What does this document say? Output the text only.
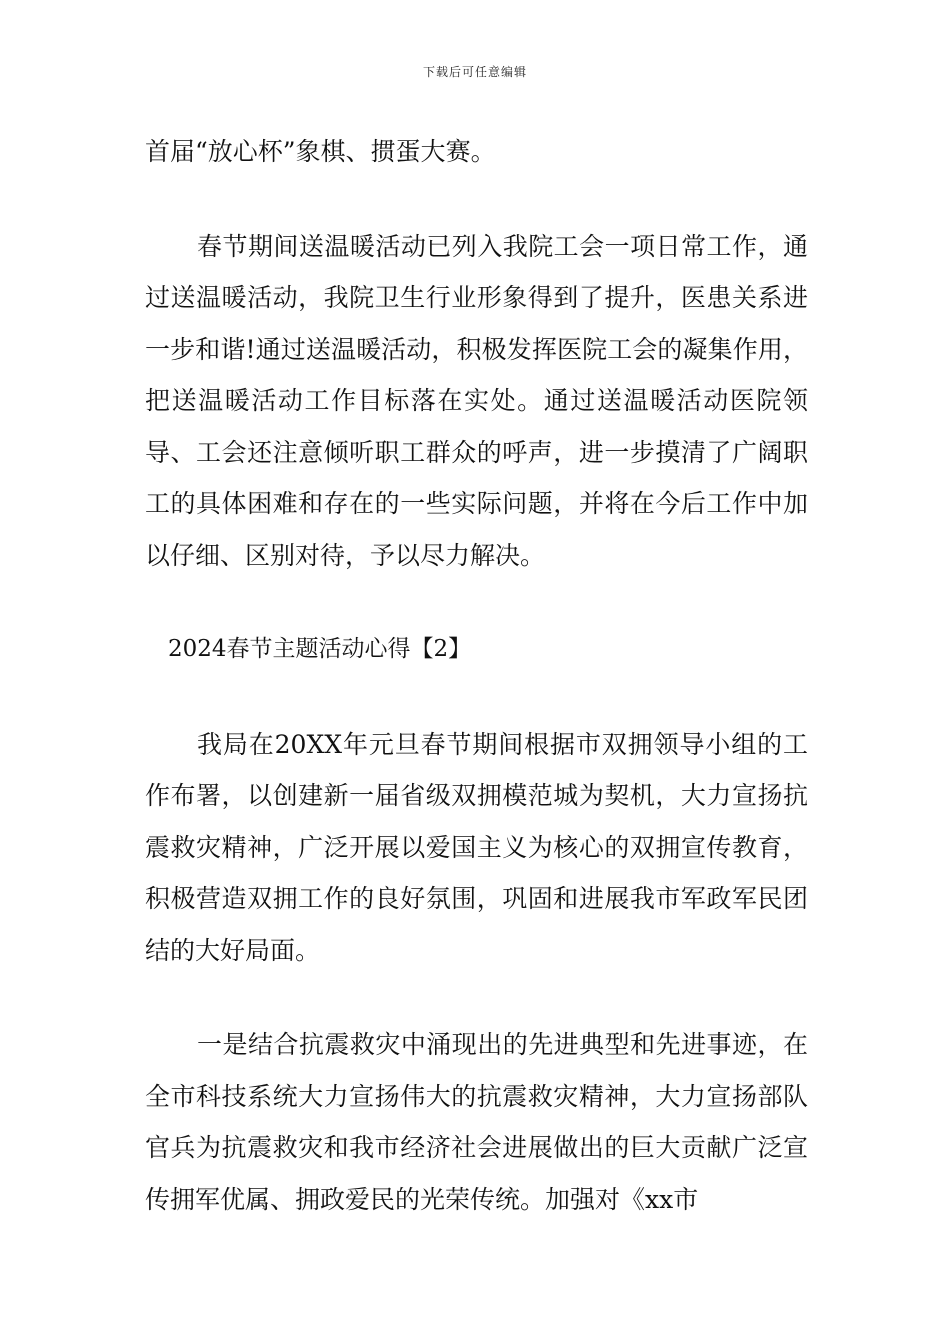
下载后可任意编辑

首届“放心杯”象棋、掼蛋大赛。

春节期间送温暖活动已列入我院工会一项日常工作，通过送温暖活动，我院卫生行业形象得到了提升，医患关系进一步和谐!通过送温暖活动，积极发挥医院工会的凝集作用，把送温暖活动工作目标落在实处。通过送温暖活动医院领导、工会还注意倾听职工群众的呼声，进一步摸清了广阔职工的具体困难和存在的一些实际问题，并将在今后工作中加以仔细、区别对待，予以尽力解决。

2024春节主题活动心得【2】

我局在20XX年元旦春节期间根据市双拥领导小组的工作布署，以创建新一届省级双拥模范城为契机，大力宣扬抗震救灾精神，广泛开展以爱国主义为核心的双拥宣传教育，积极营造双拥工作的良好氛围，巩固和进展我市军政军民团结的大好局面。

一是结合抗震救灾中涌现出的先进典型和先进事迹，在全市科技系统大力宣扬伟大的抗震救灾精神，大力宣扬部队官兵为抗震救灾和我市经济社会进展做出的巨大贡献广泛宣传拥军优属、拥政爱民的光荣传统。加强对《xx市
